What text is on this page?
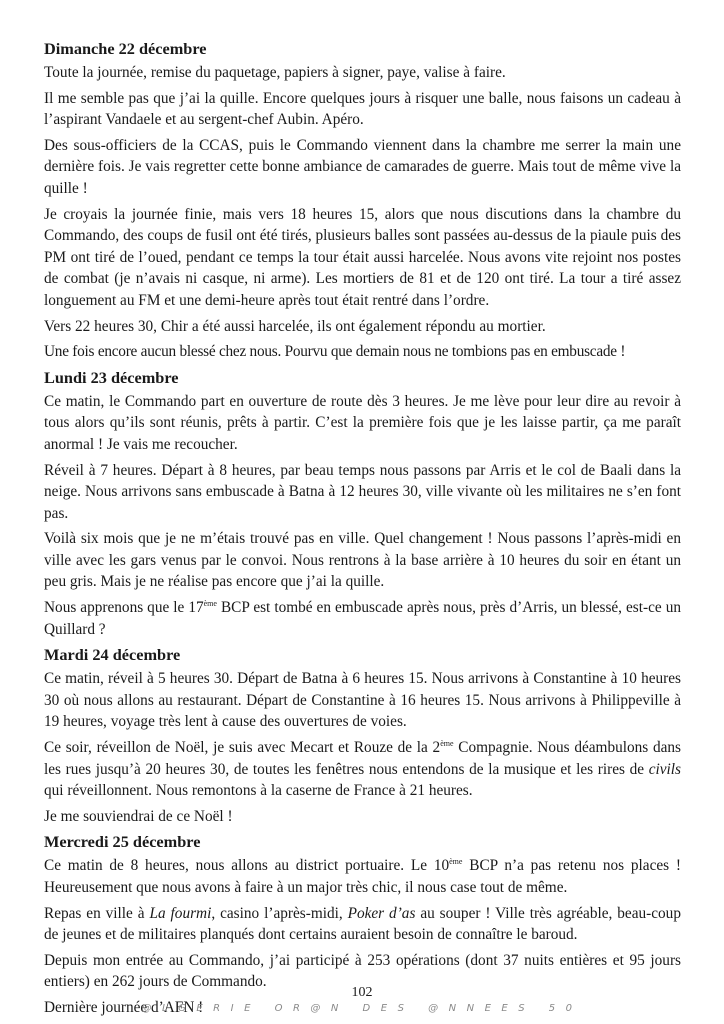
Dimanche 22 décembre

Toute la journée, remise du paquetage, papiers à signer, paye, valise à faire.

Il me semble pas que j’ai la quille. Encore quelques jours à risquer une balle, nous faisons un cadeau à l’aspirant Vandaele et au sergent-chef Aubin. Apéro.

Des sous-officiers de la CCAS, puis le Commando viennent dans la chambre me serrer la main une dernière fois. Je vais regretter cette bonne ambiance de camarades de guerre. Mais tout de même vive la quille !

Je croyais la journée finie, mais vers 18 heures 15, alors que nous discutions dans la chambre du Commando, des coups de fusil ont été tirés, plusieurs balles sont passées au-dessus de la piaule puis des PM ont tiré de l’oued, pendant ce temps la tour était aussi harcelée. Nous avons vite rejoint nos postes de combat (je n’avais ni casque, ni arme). Les mortiers de 81 et de 120 ont tiré. La tour a tiré assez longuement au FM et une demi-heure après tout était rentré dans l’ordre.

Vers 22 heures 30, Chir a été aussi harcelée, ils ont également répondu au mortier.

Une fois encore aucun blessé chez nous. Pourvu que demain nous ne tombions pas en embuscade !

Lundi 23 décembre

Ce matin, le Commando part en ouverture de route dès 3 heures. Je me lève pour leur dire au revoir à tous alors qu’ils sont réunis, prêts à partir. C’est la première fois que je les laisse partir, ça me paraît anormal ! Je vais me recoucher.

Réveil à 7 heures. Départ à 8 heures, par beau temps nous passons par Arris et le col de Baali dans la neige. Nous arrivons sans embuscade à Batna à 12 heures 30, ville vivante où les militaires ne s’en font pas.

Voilà six mois que je ne m’étais trouvé pas en ville. Quel changement ! Nous passons l’après-midi en ville avec les gars venus par le convoi. Nous rentrons à la base arrière à 10 heures du soir en étant un peu gris. Mais je ne réalise pas encore que j’ai la quille.

Nous apprenons que le 17ème BCP est tombé en embuscade après nous, près d’Arris, un blessé, est-ce un Quillard ?

Mardi 24 décembre

Ce matin, réveil à 5 heures 30. Départ de Batna à 6 heures 15. Nous arrivons à Constantine à 10 heures 30 où nous allons au restaurant. Départ de Constantine à 16 heures 15. Nous arrivons à Philippeville à 19 heures, voyage très lent à cause des ouvertures de voies.

Ce soir, réveillon de Noël, je suis avec Mecart et Rouze de la 2ème Compagnie. Nous déambulons dans les rues jusqu’à 20 heures 30, de toutes les fenêtres nous entendons de la musique et les rires de civils qui réveillonnent. Nous remontons à la caserne de France à 21 heures.

Je me souviendrai de ce Noël !

Mercredi 25 décembre

Ce matin de 8 heures, nous allons au district portuaire. Le 10ème BCP n’a pas retenu nos places ! Heureusement que nous avons à faire à un major très chic, il nous case tout de même.

Repas en ville à La fourmi, casino l’après-midi, Poker d’as au souper ! Ville très agréable, beau-coup de jeunes et de militaires planqués dont certains auraient besoin de connaître le baroud.

Depuis mon entrée au Commando, j’ai participé à 253 opérations (dont 37 nuits entières et 95 jours entiers) en 262 jours de Commando.

Dernière journée d’AFN !

102
@LGERIE OR@N DES @NNEES 50
